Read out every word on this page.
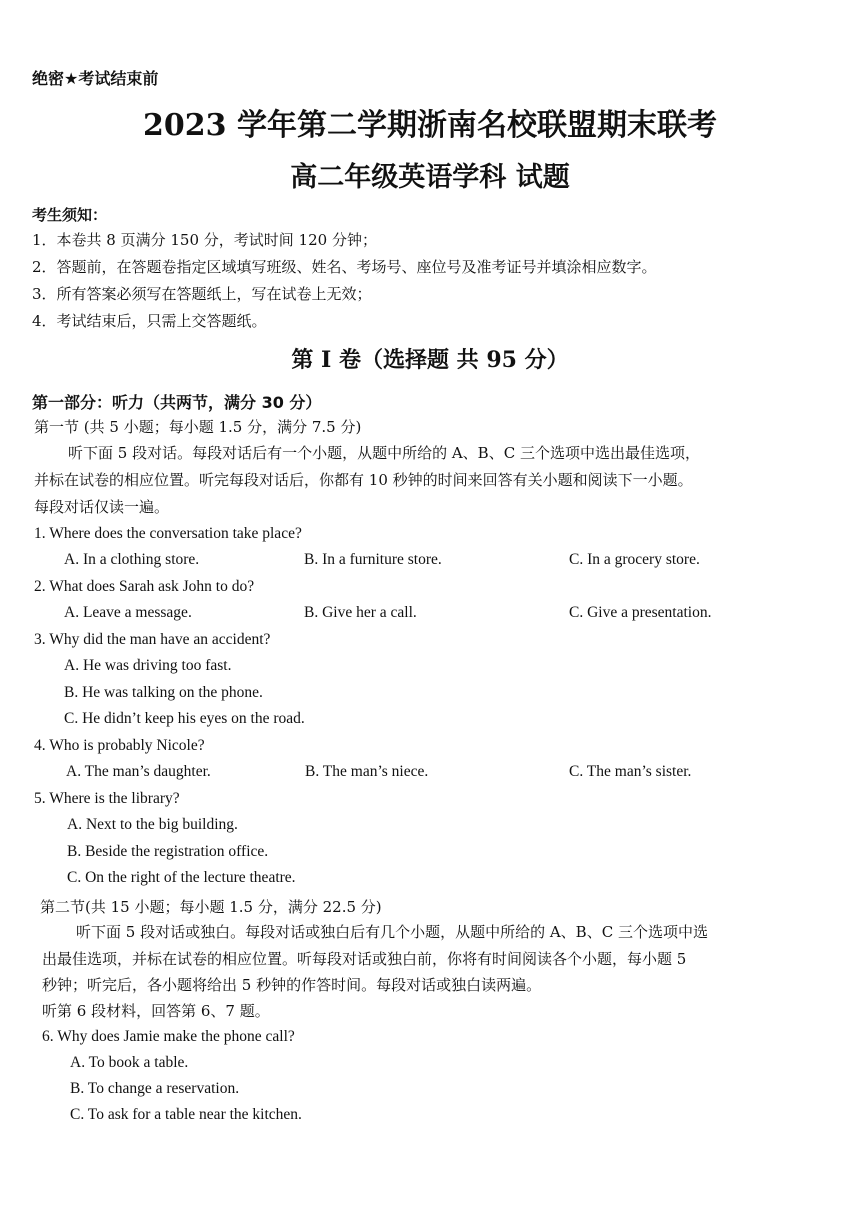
绝密★考试结束前
2023 学年第二学期浙南名校联盟期末联考
高二年级英语学科 试题
考生须知：
1．本卷共 8 页满分 150 分，考试时间 120 分钟；
2．答题前，在答题卷指定区域填写班级、姓名、考场号、座位号及准考证号并填涂相应数字。
3．所有答案必须写在答题纸上，写在试卷上无效；
4．考试结束后，只需上交答题纸。
第 I 卷（选择题 共 95 分）
第一部分：听力（共两节，满分 30 分）
第一节 (共 5 小题；每小题 1.5 分，满分 7.5 分)
听下面 5 段对话。每段对话后有一个小题，从题中所给的 A、B、C 三个选项中选出最佳选项，
并标在试卷的相应位置。听完每段对话后，你都有 10 秒钟的时间来回答有关小题和阅读下一小题。
每段对话仅读一遍。
1. Where does the conversation take place?
A. In a clothing store.	B. In a furniture store.	C. In a grocery store.
2. What does Sarah ask John to do?
A. Leave a message.	B. Give her a call.	C. Give a presentation.
3. Why did the man have an accident?
A. He was driving too fast.
B. He was talking on the phone.
C. He didn’t keep his eyes on the road.
4. Who is probably Nicole?
A. The man’s daughter.	B. The man’s niece.	C. The man’s sister.
5. Where is the library?
A. Next to the big building.
B. Beside the registration office.
C. On the right of the lecture theatre.
第二节(共 15 小题；每小题 1.5 分，满分 22.5 分)
听下面 5 段对话或独白。每段对话或独白后有几个小题，从题中所给的 A、B、C 三个选项中选
出最佳选项，并标在试卷的相应位置。听每段对话或独白前，你将有时间阅读各个小题，每小题 5
秒钟；听完后，各小题将给出 5 秒钟的作答时间。每段对话或独白读两遍。
听第 6 段材料，回答第 6、7 题。
6. Why does Jamie make the phone call?
A. To book a table.
B. To change a reservation.
C. To ask for a table near the kitchen.
